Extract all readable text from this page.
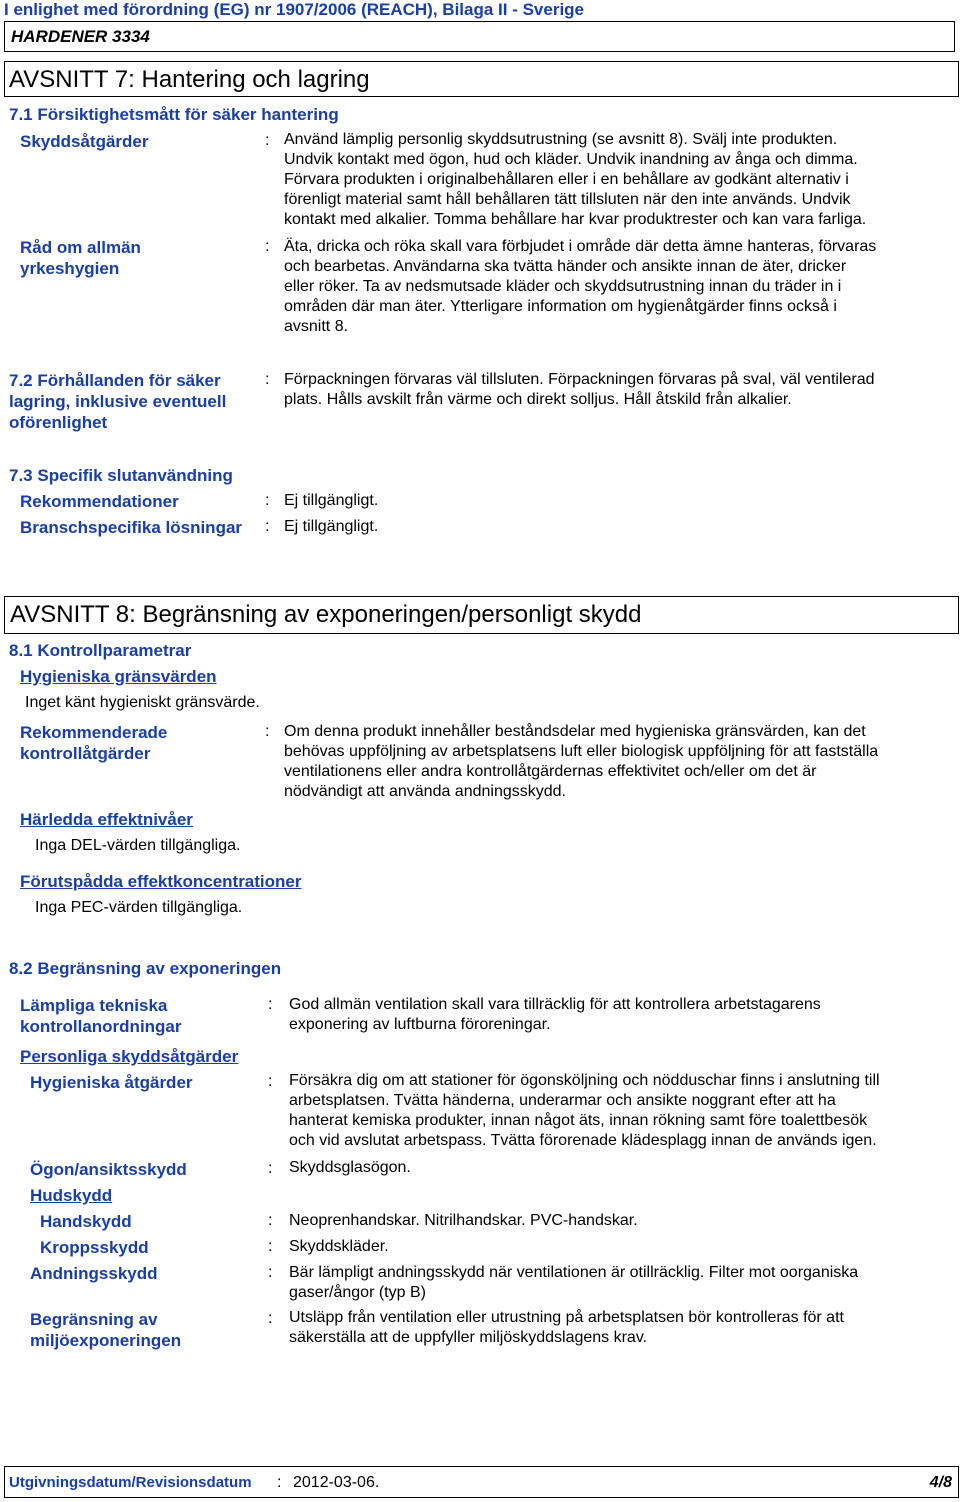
I enlighet med förordning (EG) nr 1907/2006 (REACH), Bilaga II - Sverige
HARDENER 3334
AVSNITT 7: Hantering och lagring
7.1 Försiktighetsmått för säker hantering
Skyddsåtgärder	: Använd lämplig personlig skyddsutrustning (se avsnitt 8). Svälj inte produkten.
Undvik kontakt med ögon, hud och kläder. Undvik inandning av ånga och dimma.
Förvara produkten i originalbehållaren eller i en behållare av godkänt alternativ i
förenligt material samt håll behållaren tätt tillsluten när den inte används. Undvik
kontakt med alkalier. Tomma behållare har kvar produktrester och kan vara farliga.
Råd om allmän
yrkeshygien
: Äta, dricka och röka skall vara förbjudet i område där detta ämne hanteras, förvaras
och bearbetas. Användarna ska tvätta händer och ansikte innan de äter, dricker
eller röker. Ta av nedsmutsade kläder och skyddsutrustning innan du träder in i
områden där man äter. Ytterligare information om hygienåtgärder finns också i
avsnitt 8.
7.2 Förhållanden för säker
lagring, inklusive eventuell
oförenlighet
: Förpackningen förvaras väl tillsluten. Förpackningen förvaras på sval, väl ventilerad
plats. Hålls avskilt från värme och direkt solljus. Håll åtskild från alkalier.
7.3 Specifik slutanvändning
Rekommendationer	: Ej tillgängligt.
Branschspecifika lösningar : Ej tillgängligt.
AVSNITT 8: Begränsning av exponeringen/personligt skydd
8.1 Kontrollparametrar
Hygieniska gränsvärden
Inget känt hygieniskt gränsvärde.
Rekommenderade
kontrollåtgärder
: Om denna produkt innehåller beståndsdelar med hygieniska gränsvärden, kan det
behövas uppföljning av arbetsplatsens luft eller biologisk uppföljning för att fastställa
ventilationens eller andra kontrollåtgärdernas effektivitet och/eller om det är
nödvändigt att använda andningsskydd.
Härledda effektnivåer
Inga DEL-värden tillgängliga.
Förutspådda effektkoncentrationer
Inga PEC-värden tillgängliga.
8.2 Begränsning av exponeringen
Lämpliga tekniska
kontrollanordningar
: God allmän ventilation skall vara tillräcklig för att kontrollera arbetstagarens
exponering av luftburna föroreningar.
Personliga skyddsåtgärder
Hygieniska åtgärder	: Försäkra dig om att stationer för ögonsköljning och nödduschar finns i anslutning till
arbetsplatsen. Tvätta händerna, underarmar och ansikte noggrant efter att ha
hanterat kemiska produkter, innan något äts, innan rökning samt före toalettbesök
och vid avslutat arbetspass. Tvätta förorenade klädesplagg innan de används igen.
Ögon/ansiktsskydd	: Skyddsglasögon.
Hudskydd
Handskydd	: Neoprenhandskar. Nitrilhandskar. PVC-handskar.
Kroppsskydd	: Skyddskläder.
Andningsskydd	: Bär lämpligt andningsskydd när ventilationen är otillräcklig. Filter mot oorganiska
gaser/ångor (typ B)
Begränsning av
miljöexponeringen
: Utsläpp från ventilation eller utrustning på arbetsplatsen bör kontrolleras för att
säkerställa att de uppfyller miljöskyddslagens krav.
Utgivningsdatum/Revisionsdatum : 2012-03-06.	4/8
